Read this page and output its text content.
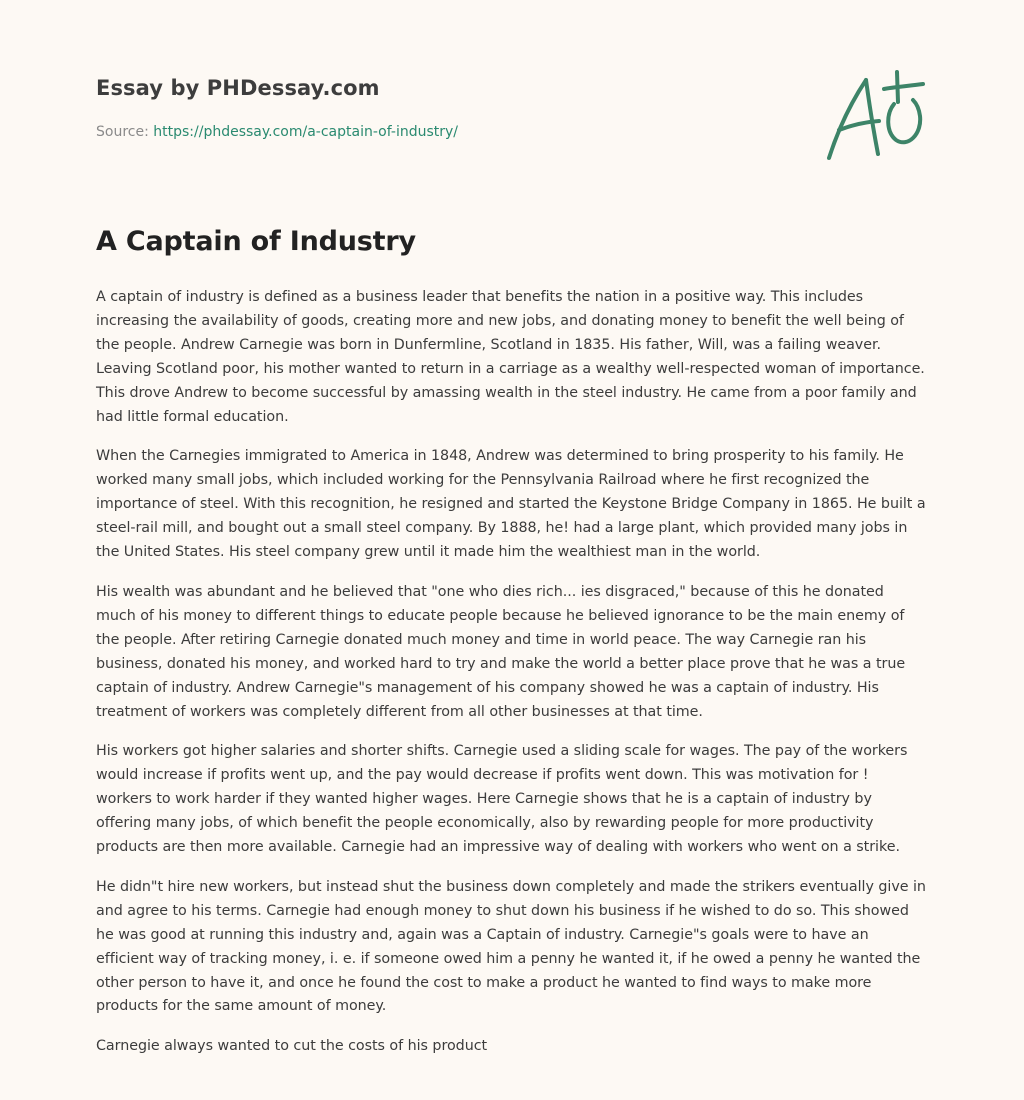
Essay by PHDessay.com
Source: https://phdessay.com/a-captain-of-industry/
A Captain of Industry

A captain of industry is defined as a business leader that benefits the nation in a positive way. This includes increasing the availability of goods, creating more and new jobs, and donating money to benefit the well being of the people. Andrew Carnegie was born in Dunfermline, Scotland in 1835. His father, Will, was a failing weaver. Leaving Scotland poor, his mother wanted to return in a carriage as a wealthy well-respected woman of importance. This drove Andrew to become successful by amassing wealth in the steel industry. He came from a poor family and had little formal education.

When the Carnegies immigrated to America in 1848, Andrew was determined to bring prosperity to his family. He worked many small jobs, which included working for the Pennsylvania Railroad where he first recognized the importance of steel. With this recognition, he resigned and started the Keystone Bridge Company in 1865. He built a steel-rail mill, and bought out a small steel company. By 1888, he! had a large plant, which provided many jobs in the United States. His steel company grew until it made him the wealthiest man in the world.

His wealth was abundant and he believed that "one who dies rich... ies disgraced," because of this he donated much of his money to different things to educate people because he believed ignorance to be the main enemy of the people. After retiring Carnegie donated much money and time in world peace. The way Carnegie ran his business, donated his money, and worked hard to try and make the world a better place prove that he was a true captain of industry. Andrew Carnegie"s management of his company showed he was a captain of industry. His treatment of workers was completely different from all other businesses at that time.

His workers got higher salaries and shorter shifts. Carnegie used a sliding scale for wages. The pay of the workers would increase if profits went up, and the pay would decrease if profits went down. This was motivation for ! workers to work harder if they wanted higher wages. Here Carnegie shows that he is a captain of industry by offering many jobs, of which benefit the people economically, also by rewarding people for more productivity products are then more available. Carnegie had an impressive way of dealing with workers who went on a strike.

He didn"t hire new workers, but instead shut the business down completely and made the strikers eventually give in and agree to his terms. Carnegie had enough money to shut down his business if he wished to do so. This showed he was good at running this industry and, again was a Captain of industry. Carnegie"s goals were to have an efficient way of tracking money, i. e. if someone owed him a penny he wanted it, if he owed a penny he wanted the other person to have it, and once he found the cost to make a product he wanted to find ways to make more products for the same amount of money.

Carnegie always wanted to cut the costs of his product
